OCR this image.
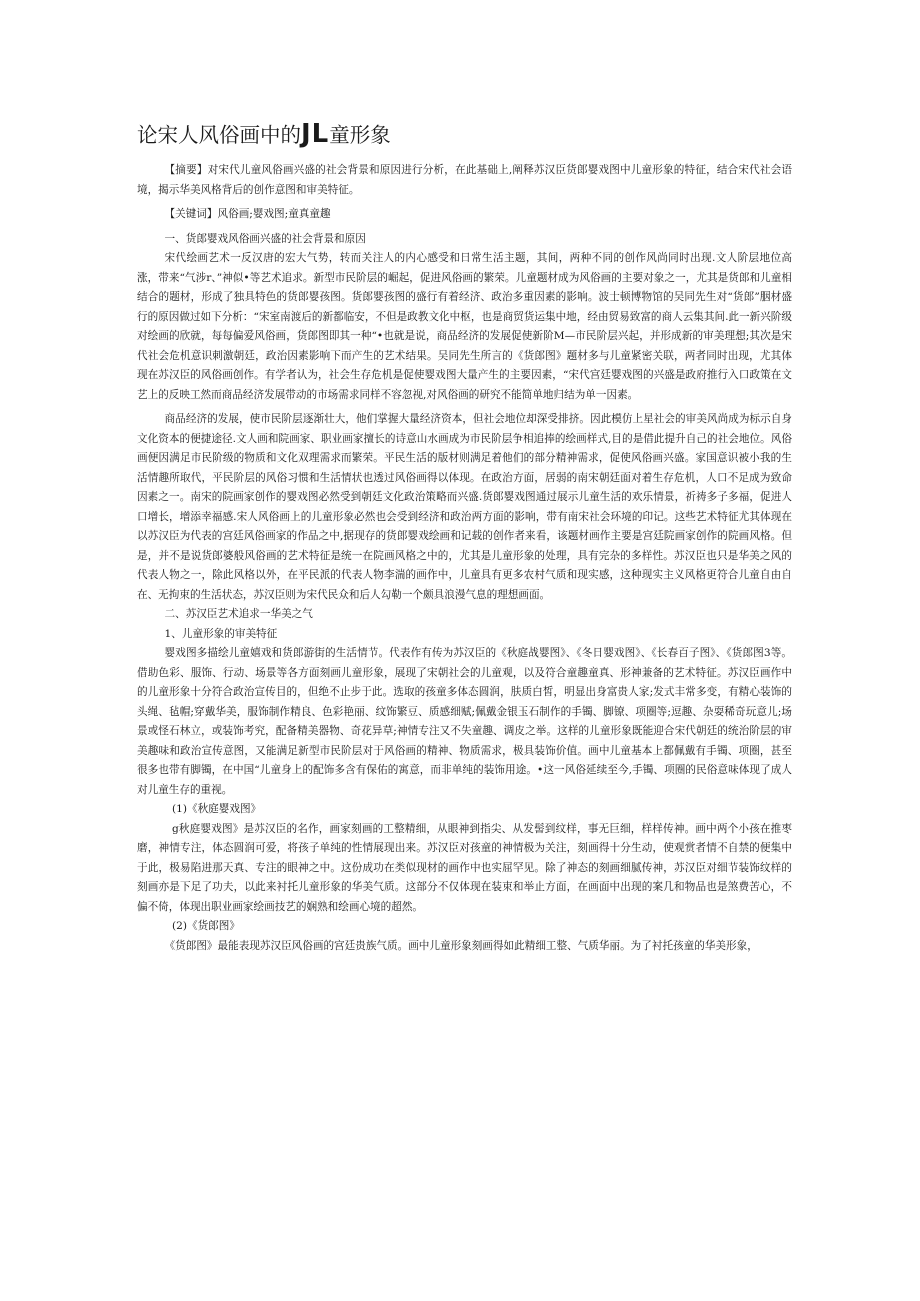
论宋人风俗画中的JL童形象

【摘要】对宋代儿童风俗画兴盛的社会背景和原因进行分析，在此基础上,阐释苏汉臣货郎婴戏图中儿童形象的特征，结合宋代社会语境，揭示华美风格背后的创作意图和审美特征。

【关键词】风俗画;婴戏图;童真童趣

一、货郎婴戏风俗画兴盛的社会背景和原因

宋代绘画艺术一反汉唐的宏大气势，转而关注人的内心感受和日常生活主题，其间，两种不同的创作风尚同时出现.文人阶层地位高涨，带来“气涉r、”神似•等艺术追求。新型市民阶层的崛起，促进风俗画的繁荣。儿童题材成为风俗画的主要对象之一，尤其是货郎和儿童相结合的题材，形成了独具特色的货郎婴孩图。货郎婴孩图的盛行有着经济、政治多重因素的影响。波士顿博物馆的吴同先生对“货郎”胭材盛行的原因做过如下分析：“宋室南渡后的新都临安，不但是政教文化中枢，也是商贸货运集中地，经由贸易致富的商人云集其间.此一新兴阶级对绘画的欣就，每每偏爱风俗画，货郎图即其一种“•也就是说，商品经济的发展促使新阶M—市民阶层兴起，并形成新的审美理想;其次是宋代社会危机意识刺激朝廷，政治因素影响下而产生的艺术结果。吴同先生所言的《货郎图》题材多与儿童紧密关联，两者同时出现，尤其体现在苏汉臣的风俗画创作。有学者认为，社会生存危机是促使婴戏图大量产生的主要因素，“宋代宫廷婴戏图的兴盛是政府推行入口政策在文艺上的反映工然而商品经济发展带动的市场需求同样不容忽视,对风俗画的研究不能简单地归结为单一因素。

商品经济的发展，使市民阶层逐渐壮大，他们掌握大量经济资本，但社会地位却深受排挤。因此模仿上星社会的审美风尚成为标示自身文化资本的便捷途径.文人画和院画家、职业画家擅长的诗意山水画成为市民阶层争相追捧的绘画样式,目的是借此提升自己的社会地位。风俗画便因满足市民阶级的物质和文化双理需求而繁荣。平民生活的版材则满足着他们的部分精神需求，促使风俗画兴盛。家国意识被小我的生活情趣所取代，平民阶层的风俗习惯和生活情状也透过风俗画得以体现。在政治方面，居弱的南宋朝廷面对着生存危机，人口不足成为致命因素之一。南宋的院画家创作的婴戏图必然受到朝廷文化政治策略而兴盛.货郎婴戏图通过展示儿童生活的欢乐情景，祈祷多子多福，促进人口增长，增添幸福感.宋人风俗画上的儿童形象必然也会受到经济和政治两方面的影响，带有南宋社会环境的印记。这些艺术特征尤其体现在以苏汉臣为代表的宫廷风俗画家的作品之中,据现存的货郎婴戏绘画和记载的创作者来看，该题材画作主要是宫廷院画家创作的院画风格。但是，并不是说货郎婆般风俗画的艺术特征是统一在院画风格之中的，尤其是儿童形象的处理，具有完杂的多样性。苏汉臣也只是华美之风的代表人物之一，除此风格以外，在平民派的代表人物李湍的画作中，儿童具有更多农村气质和现实感，这种现实主义风格更符合儿童自由自在、无拘束的生活状态，苏汉臣则为宋代民众和后人勾勒一个颇具浪漫气息的理想画面。

二、苏汉臣艺术追求一华美之气

1、儿童形象的审美特征

婴戏图多描绘儿童嬉戏和货郎游街的生活情节。代表作有传为苏汉臣的《秋庭战婴图》、《冬日婴戏图》、《长春百子图》、《货郎图3等。借助色彩、服饰、行动、场景等各方面刻画儿童形象，展现了宋朝社会的儿童观，以及符合童趣童真、形神兼备的艺术特征。苏汉臣画作中的儿童形象十分符合政治宣传目的，但绝不止步于此。选取的孩童多体态圆润，肤质白皙，明显出身富贵人家;发式丰常多变，有精心装饰的头绳、毡帽;穿戴华美，服饰制作精良、色彩艳丽、纹饰繁豆、质感细赋;佩戴金银玉石制作的手镯、脚镣、项圈等;逗趣、杂耍稀奇玩意儿;场景或怪石林立，或装饰考究，配备精美器物、奇花异草;神情专注又不失童趣、调皮之举。这样的儿童形象既能迎合宋代朝廷的统治阶层的审美趣味和政治宣传意图，又能满足新型市民阶层对于风俗画的精神、物质需求，极具装饰价值。画中儿童基本上都佩戴有手镯、项圈，甚至很多也带有脚镯，在中国“儿童身上的配饰多含有保佑的寓意，而非单纯的装饰用途。•这一风俗延续至今,手镯、项圈的民俗意味体现了成人对儿童生存的重视。

(1)《秋庭婴戏图》

g秋庭婴戏图》是苏汉臣的名作，画家刻画的工整精细，从眼神到指尖、从发髻到纹样，事无巨细，样样传神。画中两个小孩在推枣磨，神情专注，体态圆润可爱，将孩子单纯的性情展现出来。苏汉臣对孩童的神情极为关注，刻画得十分生动，使观赏者情不自禁的便集中于此，极易陷进那天真、专注的眼神之中。这份成功在类似现材的画作中也实屈罕见。除了神态的刻画细腻传神，苏汉臣对细节装饰纹样的刻画亦是下足了功夫，以此来衬托儿童形象的华美气质。这部分不仅体现在装束和举止方面，在画面中出现的案几和物品也是煞费苦心，不偏不倚，体现出职业画家绘画技艺的娴熟和绘画心境的超然。

(2)《货郎图》

《货郎图》最能表现苏汉臣风俗画的宫廷贵族气质。画中儿童形象刻画得如此精细工整、气质华丽。为了衬托孩童的华美形象，
